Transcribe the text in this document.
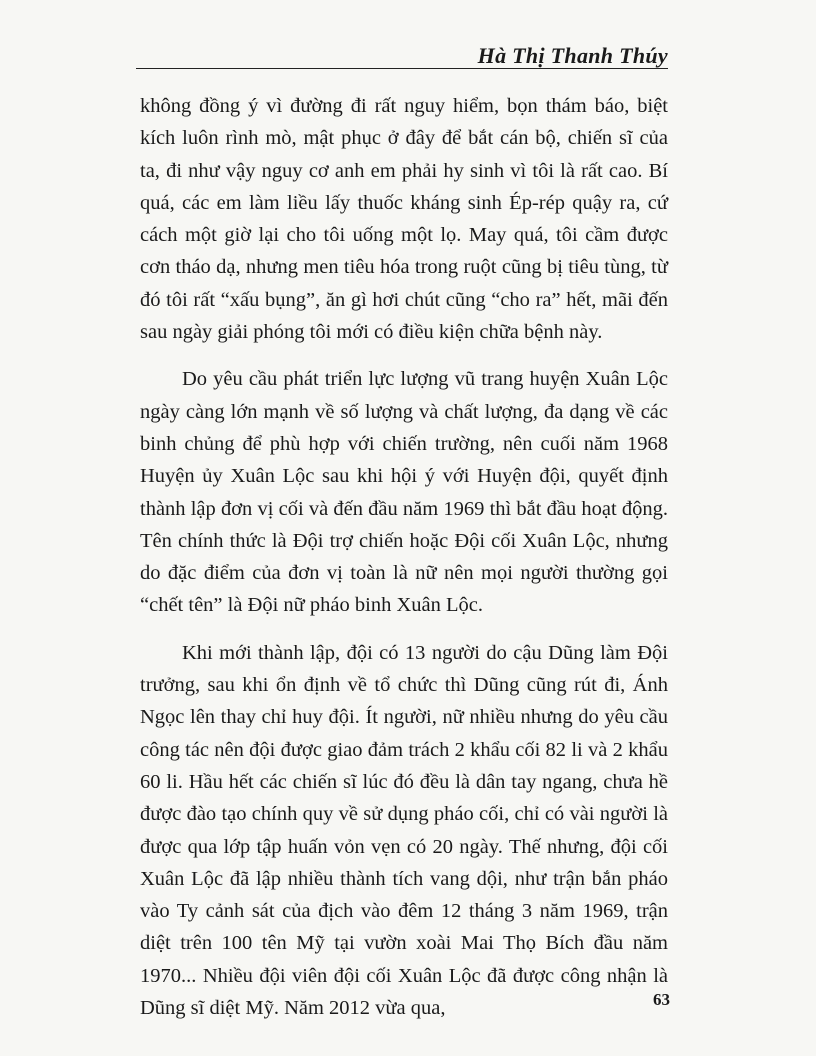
Hà Thị Thanh Thúy

không đồng ý vì đường đi rất nguy hiểm, bọn thám báo, biệt kích luôn rình mò, mật phục ở đây để bắt cán bộ, chiến sĩ của ta, đi như vậy nguy cơ anh em phải hy sinh vì tôi là rất cao. Bí quá, các em làm liều lấy thuốc kháng sinh Ép-rép quậy ra, cứ cách một giờ lại cho tôi uống một lọ. May quá, tôi cầm được cơn tháo dạ, nhưng men tiêu hóa trong ruột cũng bị tiêu tùng, từ đó tôi rất “xấu bụng”, ăn gì hơi chút cũng “cho ra” hết, mãi đến sau ngày giải phóng tôi mới có điều kiện chữa bệnh này.

Do yêu cầu phát triển lực lượng vũ trang huyện Xuân Lộc ngày càng lớn mạnh về số lượng và chất lượng, đa dạng về các binh chủng để phù hợp với chiến trường, nên cuối năm 1968 Huyện ủy Xuân Lộc sau khi hội ý với Huyện đội, quyết định thành lập đơn vị cối và đến đầu năm 1969 thì bắt đầu hoạt động. Tên chính thức là Đội trợ chiến hoặc Đội cối Xuân Lộc, nhưng do đặc điểm của đơn vị toàn là nữ nên mọi người thường gọi “chết tên” là Đội nữ pháo binh Xuân Lộc.

Khi mới thành lập, đội có 13 người do cậu Dũng làm Đội trưởng, sau khi ổn định về tổ chức thì Dũng cũng rút đi, Ánh Ngọc lên thay chỉ huy đội. Ít người, nữ nhiều nhưng do yêu cầu công tác nên đội được giao đảm trách 2 khẩu cối 82 li và 2 khẩu 60 li. Hầu hết các chiến sĩ lúc đó đều là dân tay ngang, chưa hề được đào tạo chính quy về sử dụng pháo cối, chỉ có vài người là được qua lớp tập huấn vỏn vẹn có 20 ngày. Thế nhưng, đội cối Xuân Lộc đã lập nhiều thành tích vang dội, như trận bắn pháo vào Ty cảnh sát của địch vào đêm 12 tháng 3 năm 1969, trận diệt trên 100 tên Mỹ tại vườn xoài Mai Thọ Bích đầu năm 1970... Nhiều đội viên đội cối Xuân Lộc đã được công nhận là Dũng sĩ diệt Mỹ. Năm 2012 vừa qua,	63
